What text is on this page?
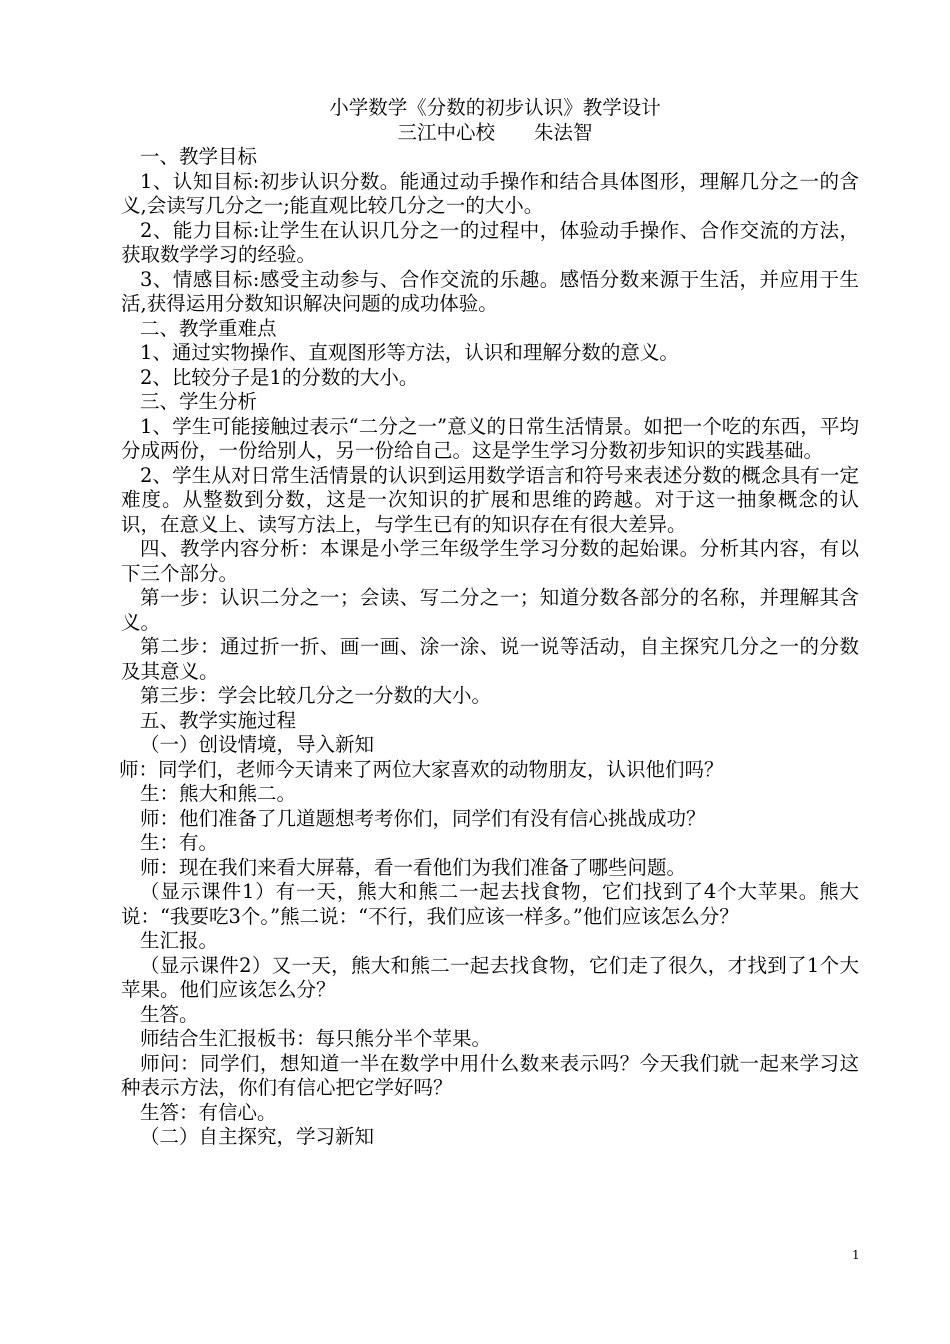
小学数学《分数的初步认识》教学设计
三江中心校  朱法智

一、教学目标

1、认知目标:初步认识分数。能通过动手操作和结合具体图形，理解几分之一的含义,会读写几分之一;能直观比较几分之一的大小。

2、能力目标:让学生在认识几分之一的过程中，体验动手操作、合作交流的方法，获取数学学习的经验。

3、情感目标:感受主动参与、合作交流的乐趣。感悟分数来源于生活，并应用于生活,获得运用分数知识解决问题的成功体验。

二、教学重难点

1、通过实物操作、直观图形等方法，认识和理解分数的意义。

2、比较分子是1的分数的大小。

三、学生分析

1、学生可能接触过表示“二分之一”意义的日常生活情景。如把一个吃的东西，平均分成两份，一份给别人，另一份给自己。这是学生学习分数初步知识的实践基础。

2、学生从对日常生活情景的认识到运用数学语言和符号来表述分数的概念具有一定难度。从整数到分数，这是一次知识的扩展和思维的跨越。对于这一抽象概念的认识，在意义上、读写方法上，与学生已有的知识存在有很大差异。

四、教学内容分析：本课是小学三年级学生学习分数的起始课。分析其内容，有以下三个部分。

第一步：认识二分之一；会读、写二分之一；知道分数各部分的名称，并理解其含义。

第二步：通过折一折、画一画、涂一涂、说一说等活动，自主探究几分之一的分数及其意义。

第三步：学会比较几分之一分数的大小。

五、教学实施过程

（一）创设情境，导入新知

师：同学们，老师今天请来了两位大家喜欢的动物朋友，认识他们吗？

生：熊大和熊二。

师：他们准备了几道题想考考你们，同学们有没有信心挑战成功？

生：有。

师：现在我们来看大屏幕，看一看他们为我们准备了哪些问题。

（显示课件1）有一天，熊大和熊二一起去找食物，它们找到了4个大苹果。熊大说：“我要吃3个。”熊二说：“不行，我们应该一样多。”他们应该怎么分？

生汇报。

（显示课件2）又一天，熊大和熊二一起去找食物，它们走了很久，才找到了1个大苹果。他们应该怎么分？

生答。

师结合生汇报板书：每只熊分半个苹果。

师问：同学们，想知道一半在数学中用什么数来表示吗？今天我们就一起来学习这种表示方法，你们有信心把它学好吗？

生答：有信心。

（二）自主探究，学习新知

1
